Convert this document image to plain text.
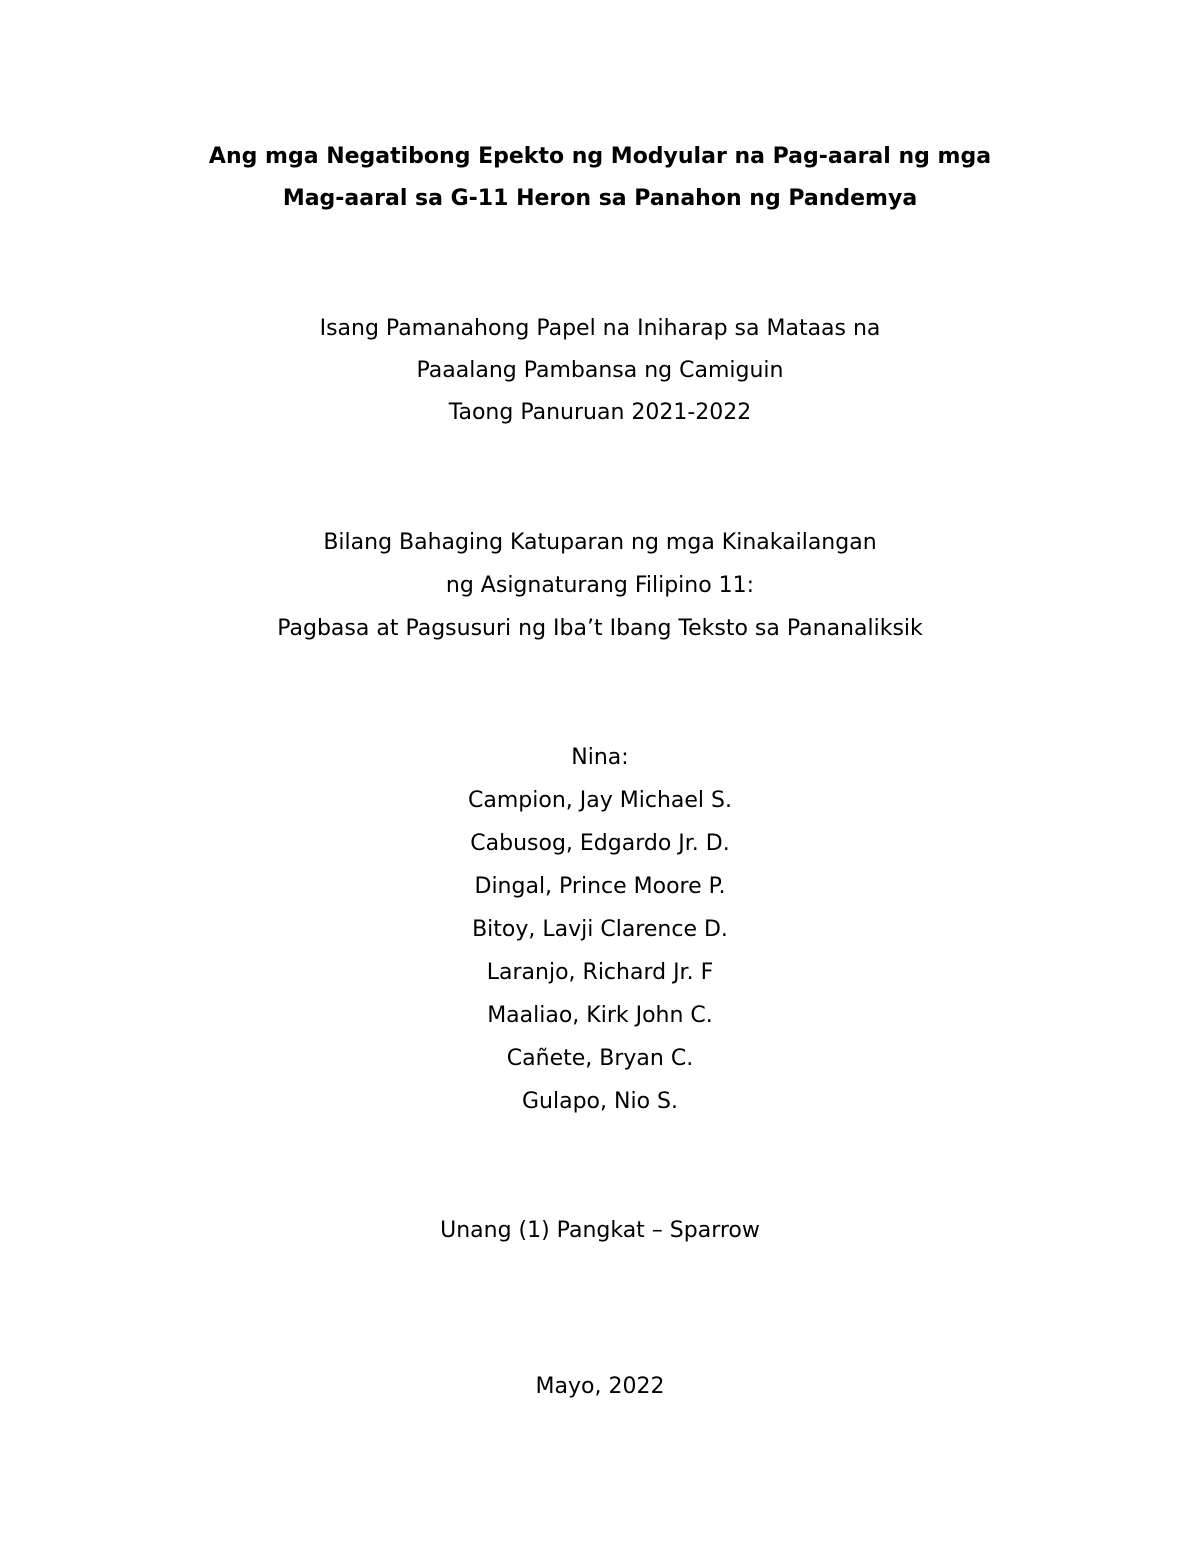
Ang mga Negatibong Epekto ng Modyular na Pag-aaral ng mga
Mag-aaral sa G-11 Heron sa Panahon ng Pandemya
Isang Pamanahong Papel na Iniharap sa Mataas na
Paaalang Pambansa ng Camiguin
Taong Panuruan 2021-2022
Bilang Bahaging Katuparan ng mga Kinakailangan
ng Asignaturang Filipino 11:
Pagbasa at Pagsusuri ng Iba’t Ibang Teksto sa Pananaliksik
Nina:
Campion, Jay Michael S.
Cabusog, Edgardo Jr. D.
Dingal, Prince Moore P.
Bitoy, Lavji Clarence D.
Laranjo, Richard Jr. F
Maaliao, Kirk John C.
Cañete, Bryan C.
Gulapo, Nio S.
Unang (1) Pangkat – Sparrow
Mayo, 2022
